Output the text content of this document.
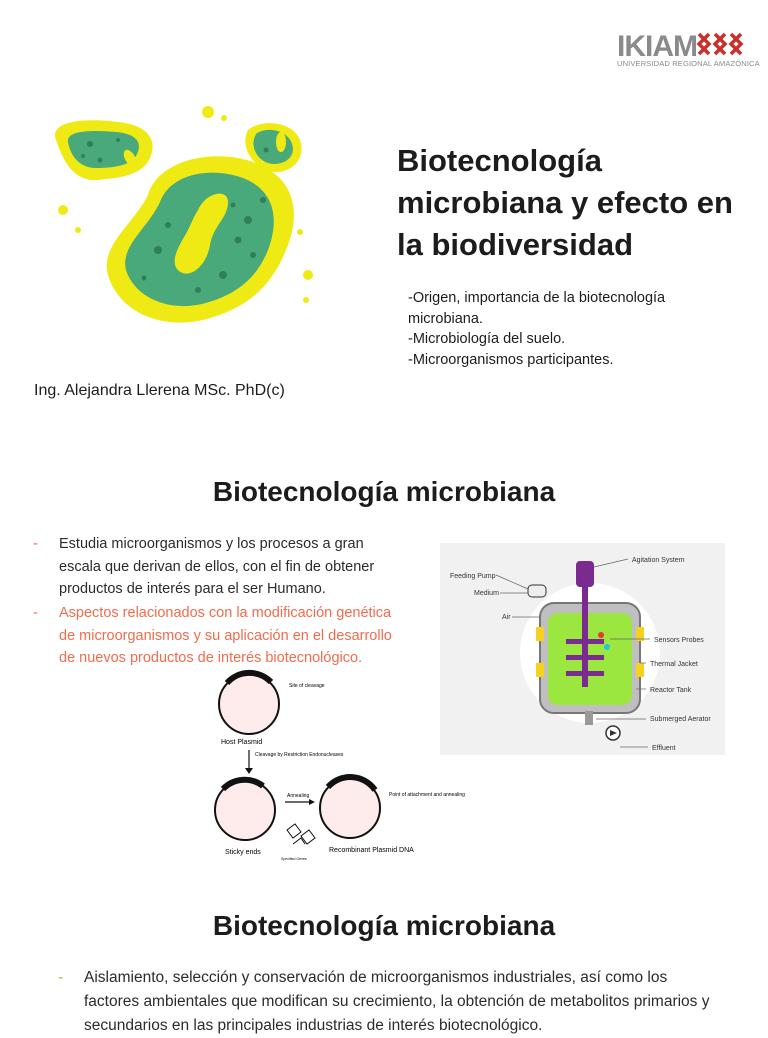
IKIAM
UNIVERSIDAD REGIONAL AMAZÓNICA
Biotecnología microbiana y efecto en la biodiversidad
-Origen, importancia de la biotecnología microbiana.
-Microbiología del suelo.
-Microorganismos participantes.
Ing. Alejandra Llerena MSc. PhD(c)
Biotecnología microbiana
- Estudia microorganismos y los procesos a gran escala que derivan de ellos, con el fin de obtener productos de interés para el ser Humano.
- Aspectos relacionados con la modificación genética de microorganismos y su aplicación en el desarrollo de nuevos productos de interés biotecnológico.
Site of cleavage
Host Plasmid
Cleavage by Restriction Endonucleases
Annealing	Point of attachment and annealing
Sticky ends
Specified Genes
Recombinant Plasmid DNA
Agitation System
Feeding Pump
Medium
Air
Sensors Probes
Thermal Jacket
Reactor Tank
Submerged Aerator
Effluent
Biotecnología microbiana
- Aislamiento, selección y conservación de microorganismos industriales, así como los factores ambientales que modifican su crecimiento, la obtención de metabolitos primarios y secundarios en las principales industrias de interés biotecnológico.
